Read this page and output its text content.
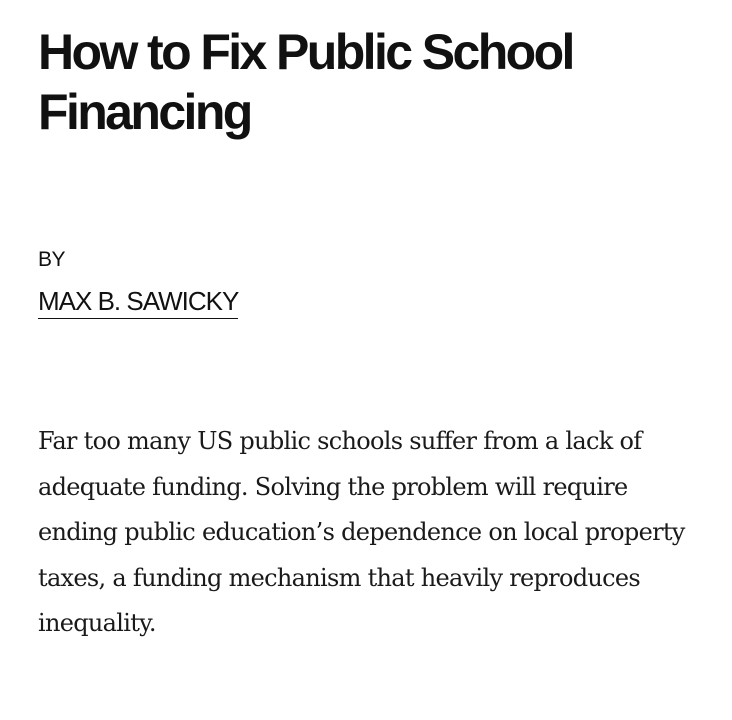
How to Fix Public School Financing
BY
MAX B. SAWICKY

Far too many US public schools suffer from a lack of adequate funding. Solving the problem will require ending public education’s dependence on local property taxes, a funding mechanism that heavily reproduces inequality.
